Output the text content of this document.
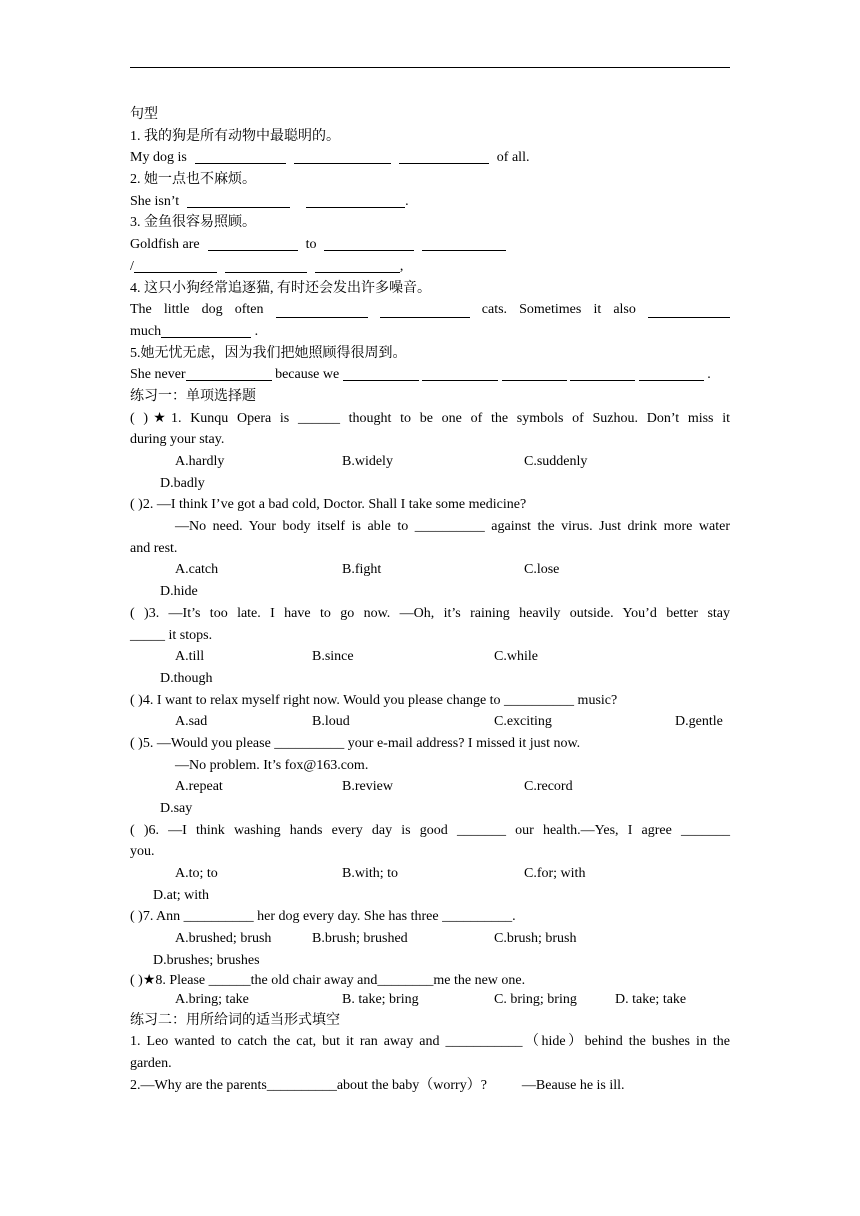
句型
1. 我的狗是所有动物中最聪明的。
My dog is	of all.
2. 她一点也不麻烦。
She isn’t	.
3. 金鱼很容易照顾。
Goldfish are	to
/	,
4. 这只小狗经常追逐猫, 有时还会发出许多噪音。
The little dog often	cats. Sometimes it also
much	.
5.她无忧无虑，因为我们把她照顾得很周到。
She never	because we	.
练习一：单项选择题
( )★1. Kunqu Opera is ______ thought to be one of the symbols of Suzhou. Don’t miss it
during your stay.
A.hardly	B.widely	C.suddenly
D.badly
( )2. —I think I’ve got a bad cold, Doctor. Shall I take some medicine?
—No need. Your body itself is able to __________ against the virus. Just drink more water
and rest.
A.catch	B.fight	C.lose
D.hide
( )3. —It’s too late. I have to go now. —Oh, it’s raining heavily outside. You’d better stay
_____ it stops.
A.till	B.since	C.while
D.though
( )4. I want to relax myself right now. Would you please change to __________ music?
A.sad	B.loud	C.exciting	D.gentle
( )5. —Would you please __________ your e-mail address? I missed it just now.
—No problem. It’s fox@163.com.
A.repeat	B.review	C.record
D.say
( )6. —I think washing hands every day is good _______ our health.—Yes, I agree _______
you.
A.to; to	B.with; to	C.for; with
D.at; with
( )7. Ann __________ her dog every day. She has three __________.
A.brushed; brush	B.brush; brushed	C.brush; brush
D.brushes; brushes
( )★8. Please ______the old chair away and________me the new one.
A.bring; take	B. take; bring	C. bring; bring	D. take; take
练习二：用所给词的适当形式填空
1. Leo wanted to catch the cat, but it ran away and ___________（hide）behind the bushes in the
garden.
2.—Why are the parents__________about the baby（worry）?          —Beause he is ill.
